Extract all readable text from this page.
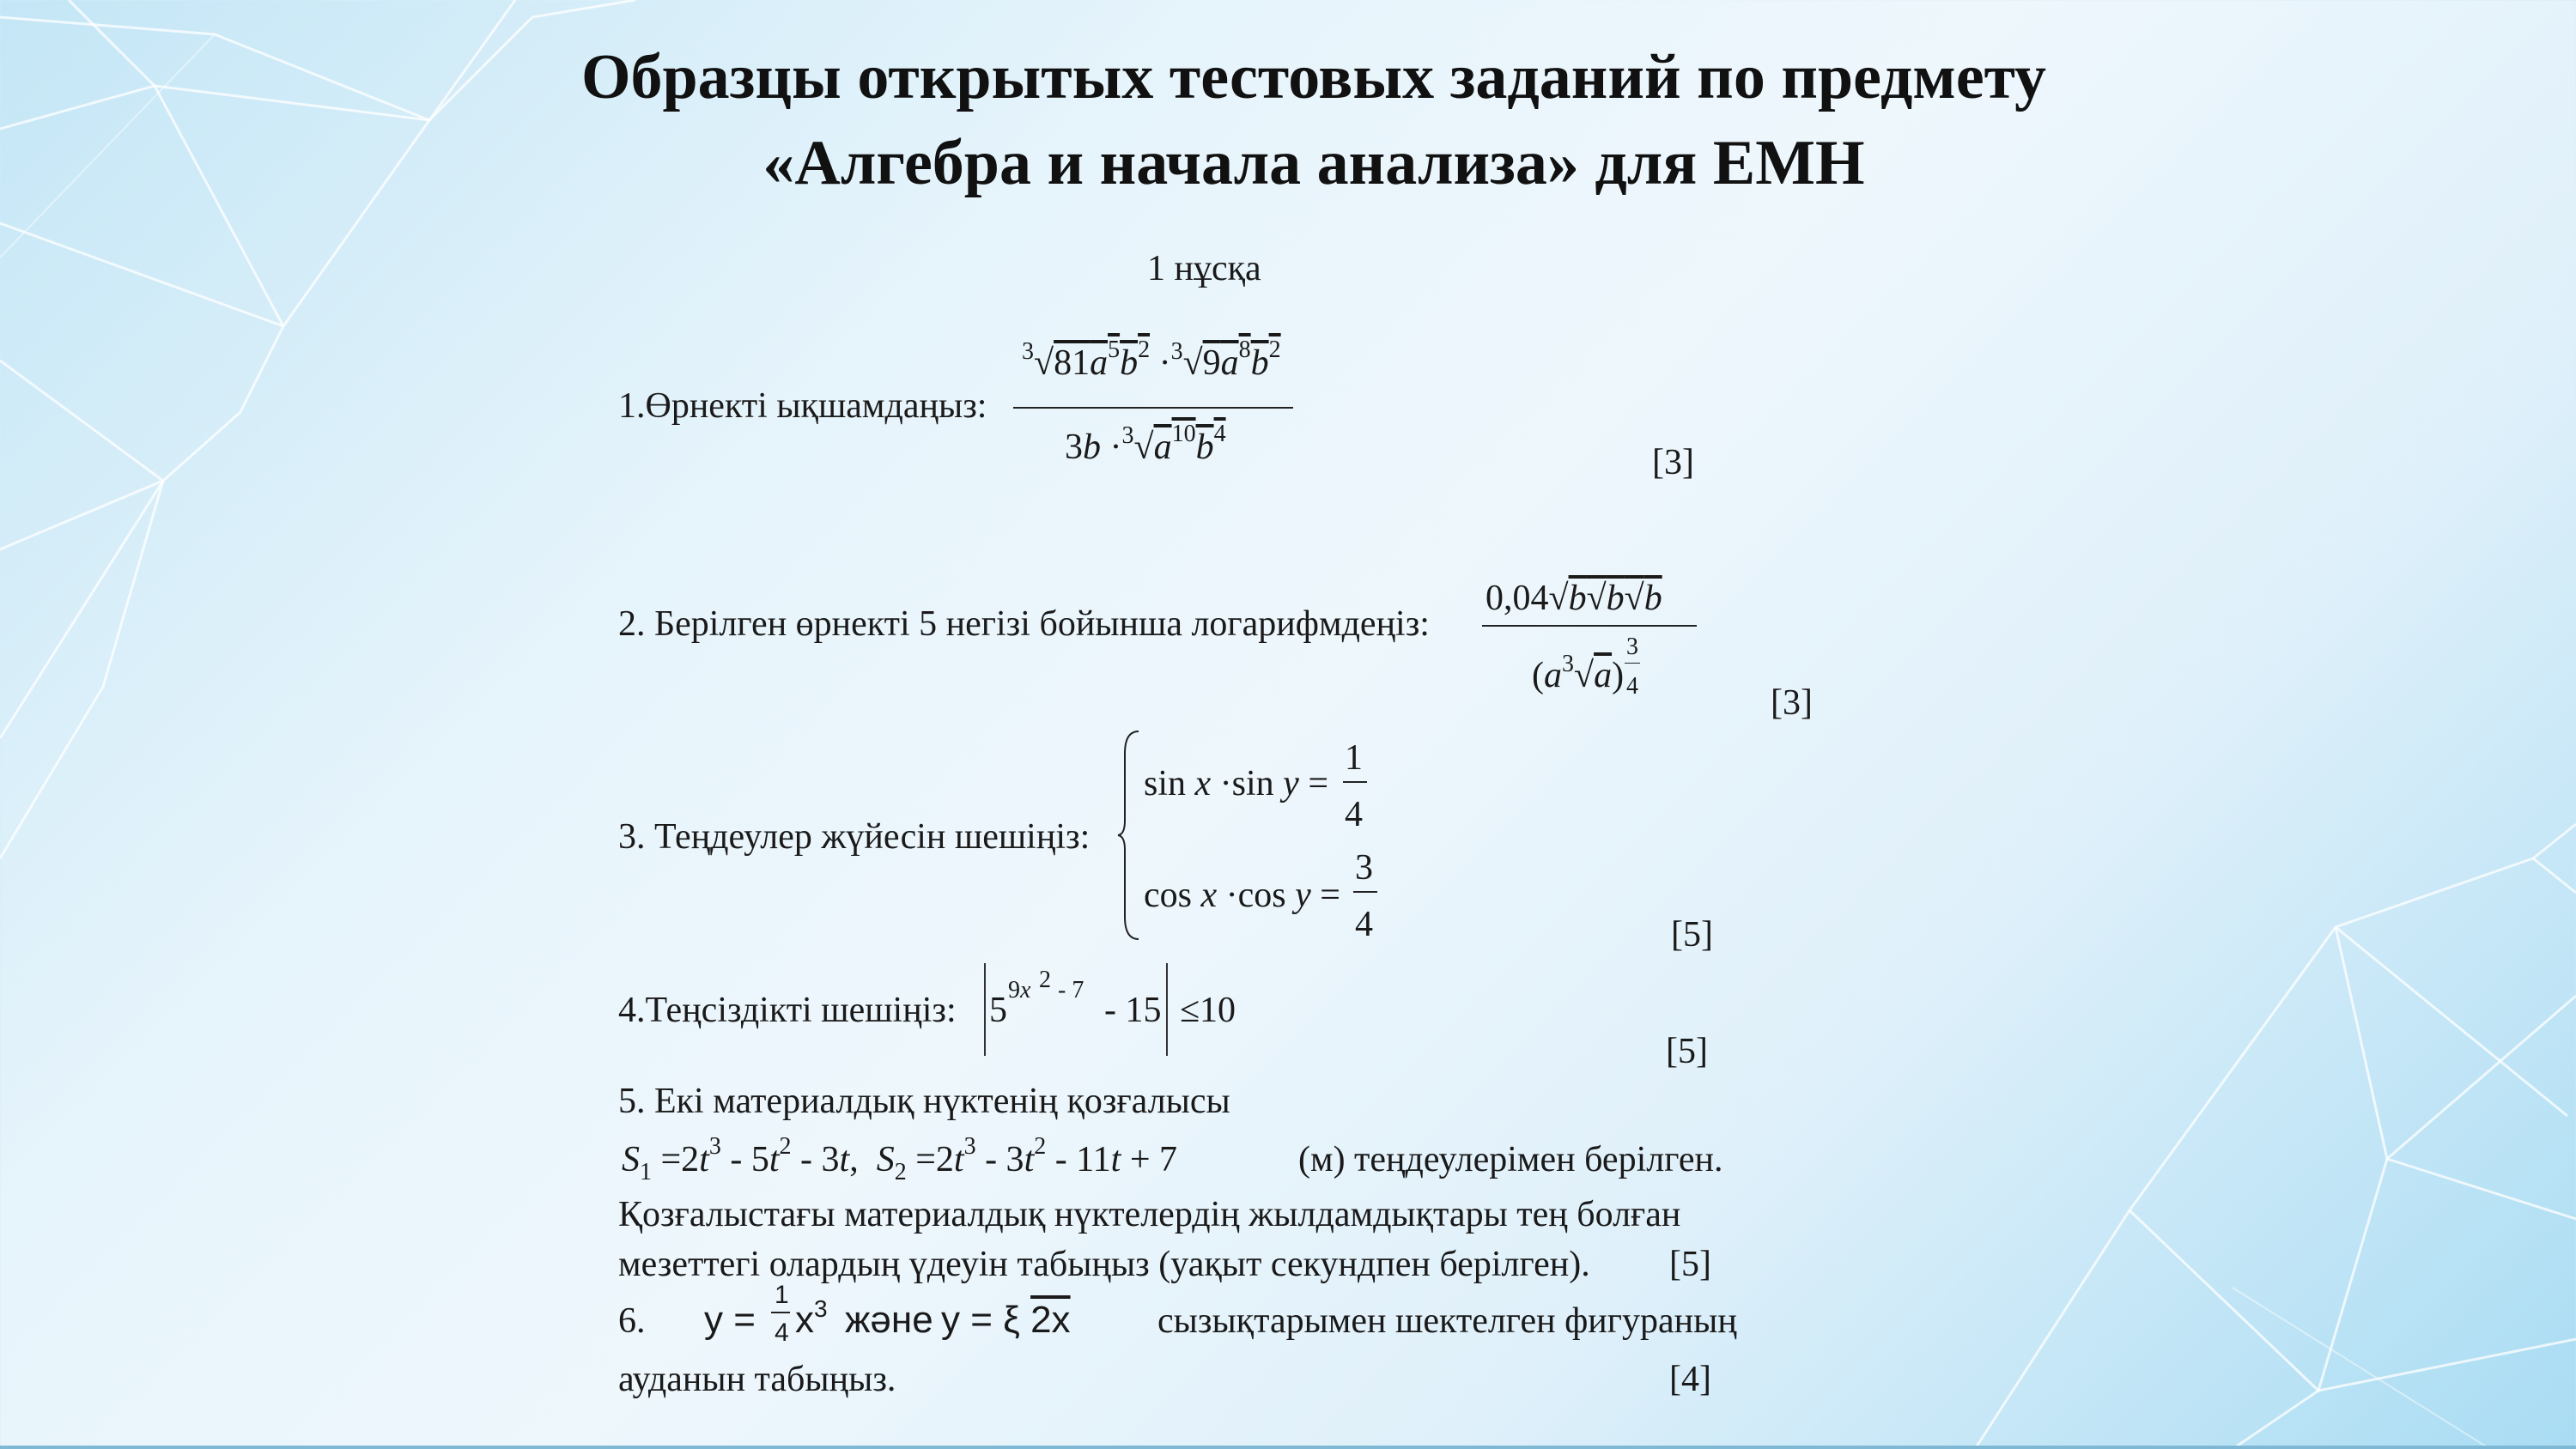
Образцы открытых тестовых заданий по предмету
«Алгебра и начала анализа» для ЕМН
1 нұсқа
1.Өрнекті ықшамдаңыз:
$^3√81a^5b^2 \cdot^3√9a^8b^2$
$3b \cdot^3√a^{10}b^4$
[3]
2. Берілген өрнекті 5 негізі бойынша логарифмдеңіз:
0,04√b√b√b
$(a^3√a)$
3
4	[3]
3. Теңдеулер жүйесін шешіңіз:
sin x ·sin y =
1
4
cos x ·cos y =
3
4	[5]
4.Теңсіздікті шешіңіз: 5
9x 2 - 7
- 15 ≤10
[5]
5. Екі материалдық нүктенің қозғалысы
$S_1 =2t^3 - 5t^2 - 3t$,  $S_2 =2t^3 - 3t^2 - 11t + 7$	(м) теңдеулерімен берілген.
Қозғалыстағы материалдық нүктелердің жылдамдықтары тең болған
мезеттегі олардың үдеуін табыңыз (уақыт секундпен берілген). [5]
6. y =
1
4 $x^3$ және y = ξ 2x сызықтарымен шектелген фигураның
ауданын табыңыз.	[4]
